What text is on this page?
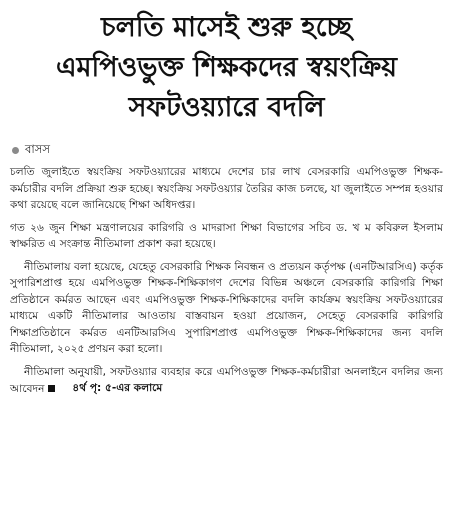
চলতি মাসেই শুরু হচ্ছে
এমপিওভুক্ত শিক্ষকদের স্বয়ংক্রিয়
সফটওয়্যারে বদলি
বাসস

চলতি জুলাইতে স্বয়ংক্রিয় সফটওয়্যারের মাধ্যমে দেশের চার লাখ বেসরকারি এমপিওভুক্ত শিক্ষক-কর্মচারীর বদলি প্রক্রিয়া শুরু হচ্ছে। স্বয়ংক্রিয় সফটওয়্যার তৈরির কাজ চলছে, যা জুলাইতে সম্পন্ন হওয়ার কথা রয়েছে বলে জানিয়েছে শিক্ষা অধিদপ্তর।

গত ২৬ জুন শিক্ষা মন্ত্রণালয়ের কারিগরি ও মাদরাসা শিক্ষা বিভাগের সচিব ড. খ ম কবিরুল ইসলাম স্বাক্ষরিত এ সংক্রান্ত নীতিমালা প্রকাশ করা হয়েছে।

নীতিমালায় বলা হয়েছে, যেহেতু বেসরকারি শিক্ষক নিবন্ধন ও প্রত্যয়ন কর্তৃপক্ষ (এনটিআরসিএ) কর্তৃক সুপারিশপ্রাপ্ত হয়ে এমপিওভুক্ত শিক্ষক-শিক্ষিকাগণ দেশের বিভিন্ন অঞ্চলে বেসরকারি কারিগরি শিক্ষা প্রতিষ্ঠানে কর্মরত আছেন এবং এমপিওভুক্ত শিক্ষক-শিক্ষিকাদের বদলি কার্যক্রম স্বয়ংক্রিয় সফটওয়্যারের মাধ্যমে একটি নীতিমালার আওতায় বাস্তবায়ন হওয়া প্রয়োজন, সেহেতু বেসরকারি কারিগরি শিক্ষাপ্রতিষ্ঠানে কর্মরত এনটিআরসিএ সুপারিশপ্রাপ্ত এমপিওভুক্ত শিক্ষক-শিক্ষিকাদের জন্য বদলি নীতিমালা, ২০২৫ প্রণয়ন করা হলো।

নীতিমালা অনুযায়ী, সফটওয়্যার ব্যবহার করে এমপিওভুক্ত শিক্ষক-কর্মচারীরা অনলাইনে বদলির জন্য আবেদন	৪র্থ পৃ: ৫-এর কলামে
